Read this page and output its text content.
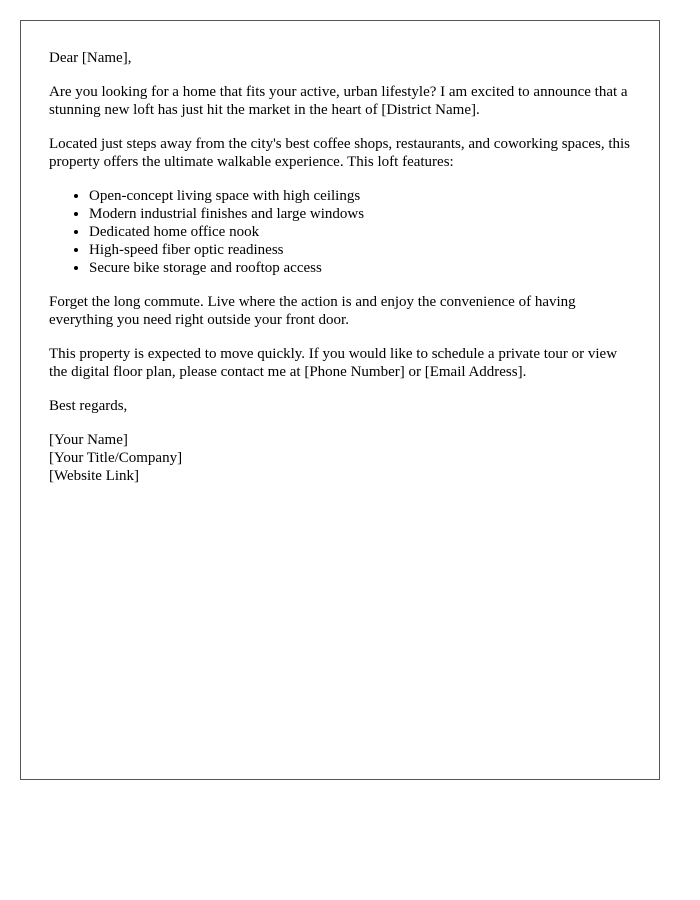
Dear [Name],

Are you looking for a home that fits your active, urban lifestyle? I am excited to announce that a stunning new loft has just hit the market in the heart of [District Name].

Located just steps away from the city's best coffee shops, restaurants, and coworking spaces, this property offers the ultimate walkable experience. This loft features:

• Open-concept living space with high ceilings
• Modern industrial finishes and large windows
• Dedicated home office nook
• High-speed fiber optic readiness
• Secure bike storage and rooftop access

Forget the long commute. Live where the action is and enjoy the convenience of having everything you need right outside your front door.

This property is expected to move quickly. If you would like to schedule a private tour or view the digital floor plan, please contact me at [Phone Number] or [Email Address].

Best regards,

[Your Name]
[Your Title/Company]
[Website Link]
